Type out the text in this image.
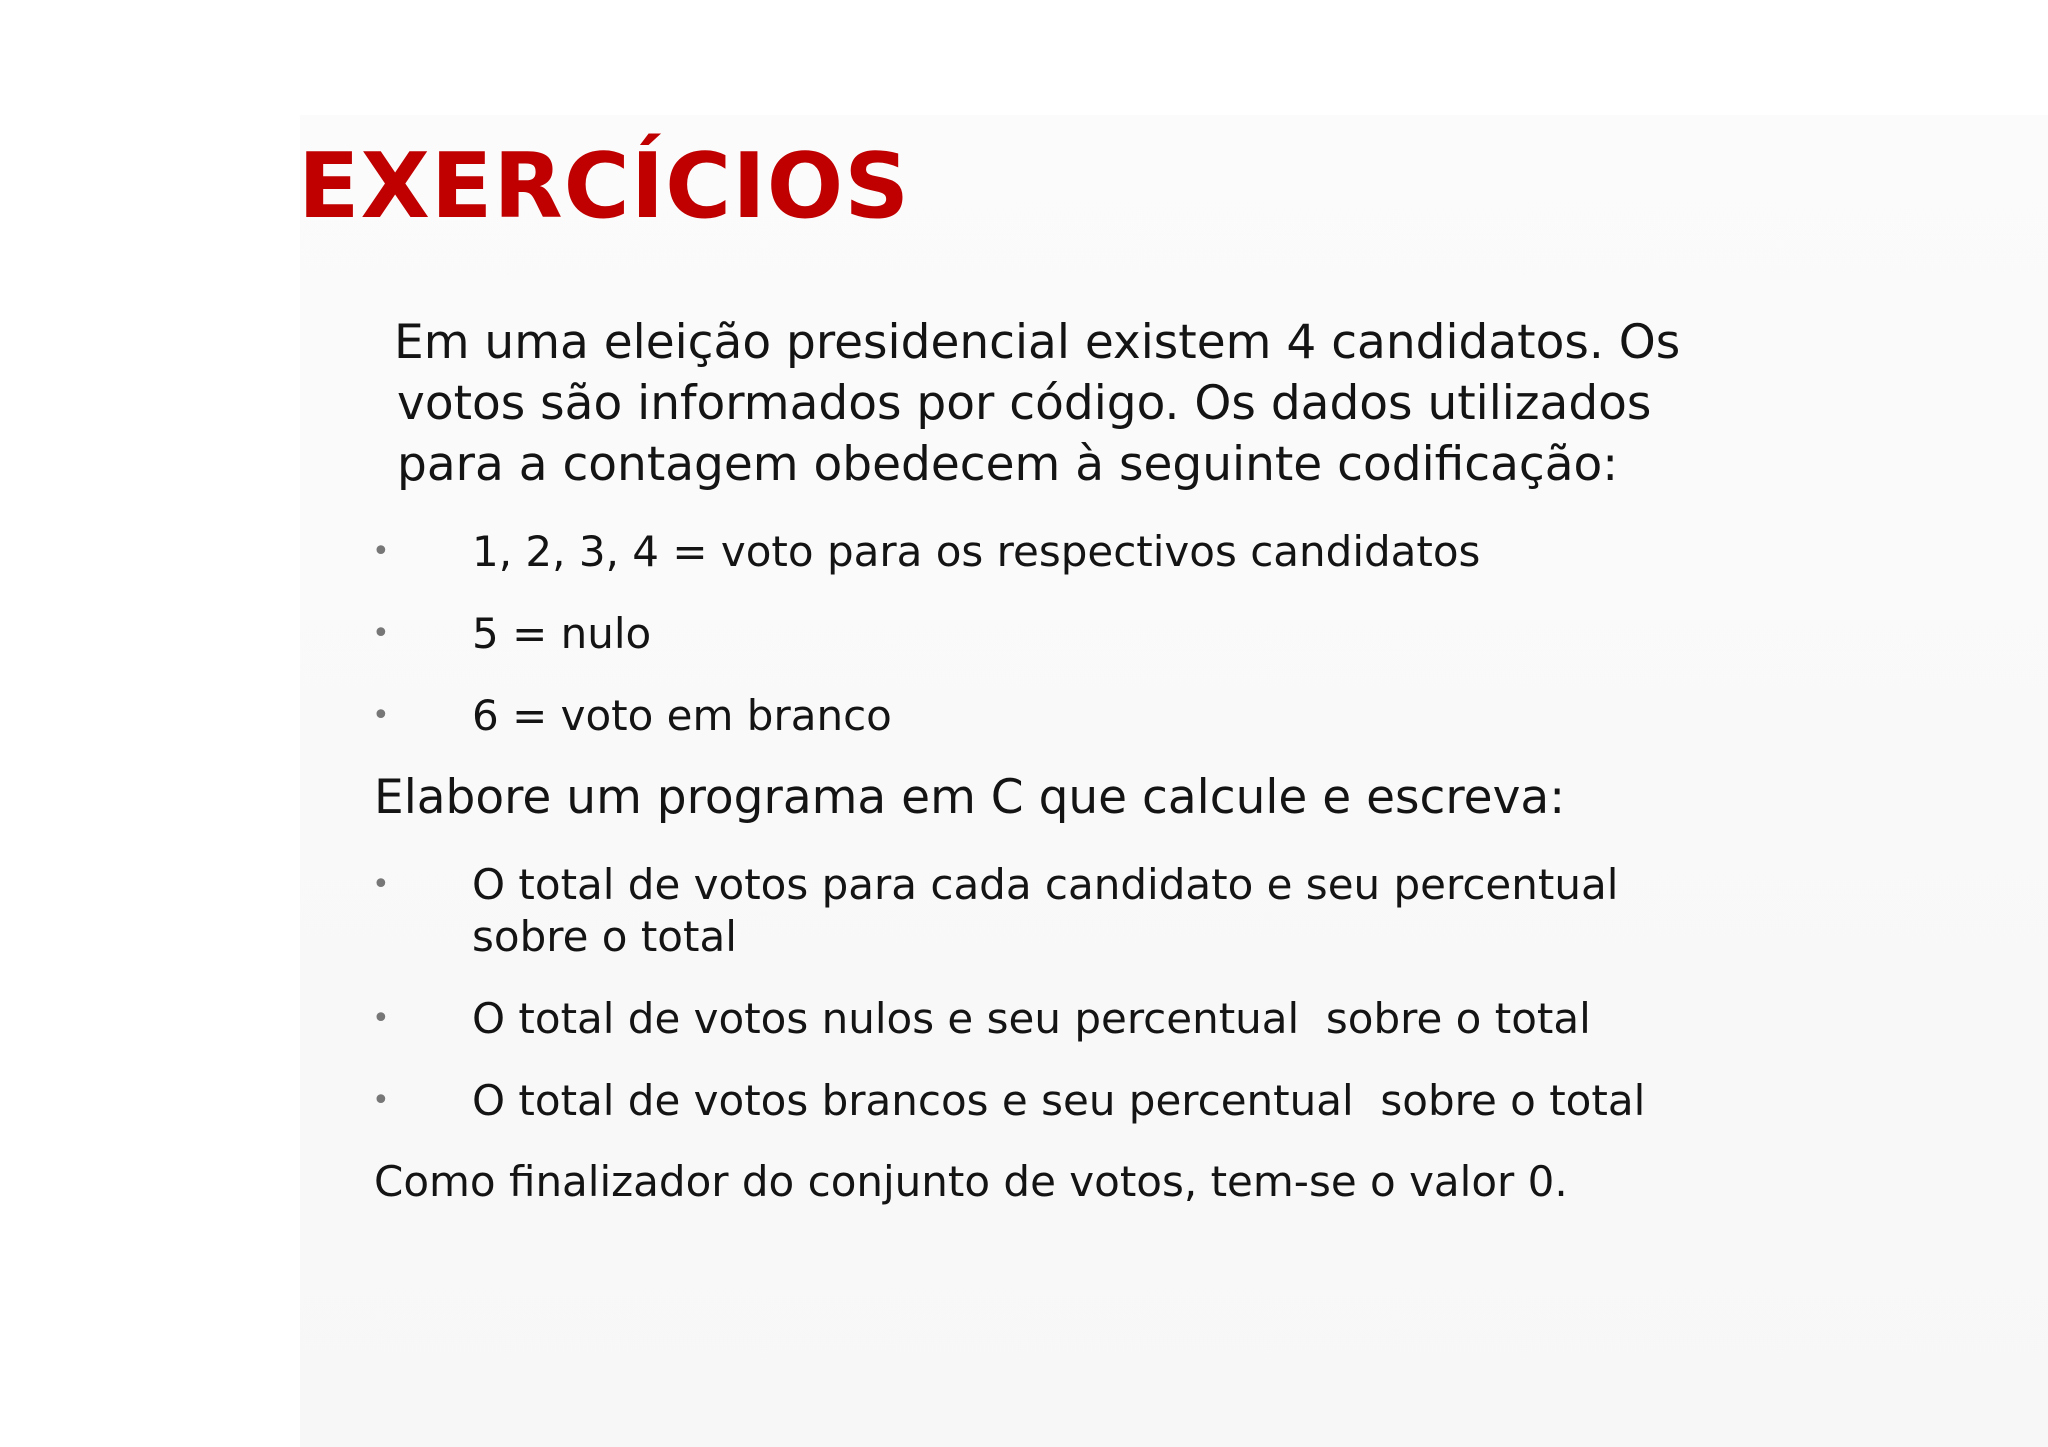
EXERCÍCIOS

Em uma eleição presidencial existem 4 candidatos. Os
votos são informados por código. Os dados utilizados
para a contagem obedecem à seguinte codificação:

• 1, 2, 3, 4 = voto para os respectivos candidatos
• 5 = nulo
• 6 = voto em branco

Elabore um programa em C que calcule e escreva:

• O total de votos para cada candidato e seu percentual
sobre o total
• O total de votos nulos e seu percentual  sobre o total
• O total de votos brancos e seu percentual  sobre o total

Como finalizador do conjunto de votos, tem-se o valor 0.
